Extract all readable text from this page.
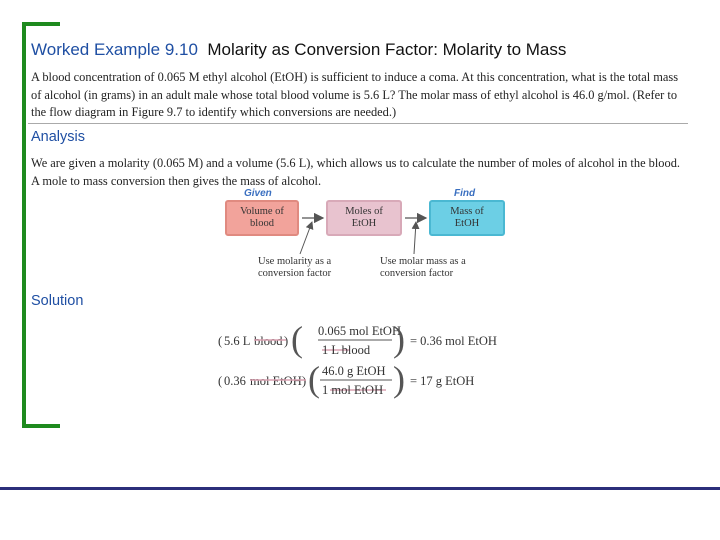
Worked Example 9.10 Molarity as Conversion Factor: Molarity to Mass
A blood concentration of 0.065 M ethyl alcohol (EtOH) is sufficient to induce a coma. At this concentration, what is the total mass of alcohol (in grams) in an adult male whose total blood volume is 5.6 L? The molar mass of ethyl alcohol is 46.0 g/mol. (Refer to the flow diagram in Figure 9.7 to identify which conversions are needed.)
Analysis
We are given a molarity (0.065 M) and a volume (5.6 L), which allows us to calculate the number of moles of alcohol in the blood. A mole to mass conversion then gives the mass of alcohol.
Given	Find
Volume of blood
Moles of EtOH
Mass of EtOH
Use molarity as a conversion factor
Use molar mass as a conversion factor
Solution
( 5.6 L blood ) ( 0.065 mol EtOH
1 L blood ) = 0.36 mol EtOH
( 0.36 mol EtOH ) ( 46.0 g EtOH
1 mol EtOH ) = 17 g EtOH
